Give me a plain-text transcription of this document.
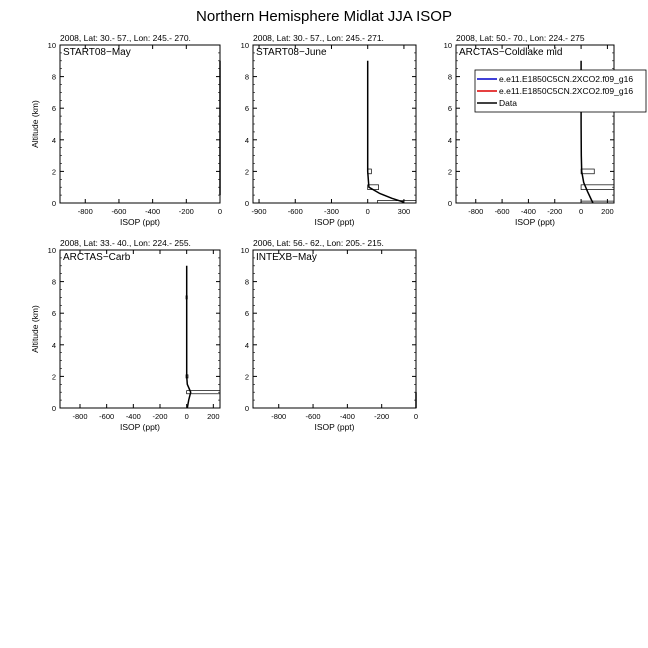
Northern Hemisphere Midlat JJA ISOP
2008, Lat: 30.- 57., Lon: 245.- 270.
START08−May
0
2
4
6
8
10
-800 -600 -400 -200	0
ISOP (ppt)
Altitude (km)
2008, Lat: 30.- 57., Lon: 245.- 271.
START08−June
0
2
4
6
8
10
-900	-600	-300	0	300
ISOP (ppt)
2008, Lat: 50.- 70., Lon: 224.- 275
ARCTAS−Coldlake mid
0
2
4
6
8
10
-800 -600 -400 -200 0 200
ISOP (ppt)
2008, Lat: 33.- 40., Lon: 224.- 255.
ARCTAS−Carb
0
2
4
6
8
10
-800 -600 -400 -200 0 200
ISOP (ppt)
Altitude (km)
2006, Lat: 56.- 62., Lon: 205.- 215.
INTEXB−May
0
2
4
6
8
10
-800	-600	-400	-200	0
ISOP (ppt)
e.e11.E1850C5CN.2XCO2.f09_g16
e.e11.E1850C5CN.2XCO2.f09_g16
Data
